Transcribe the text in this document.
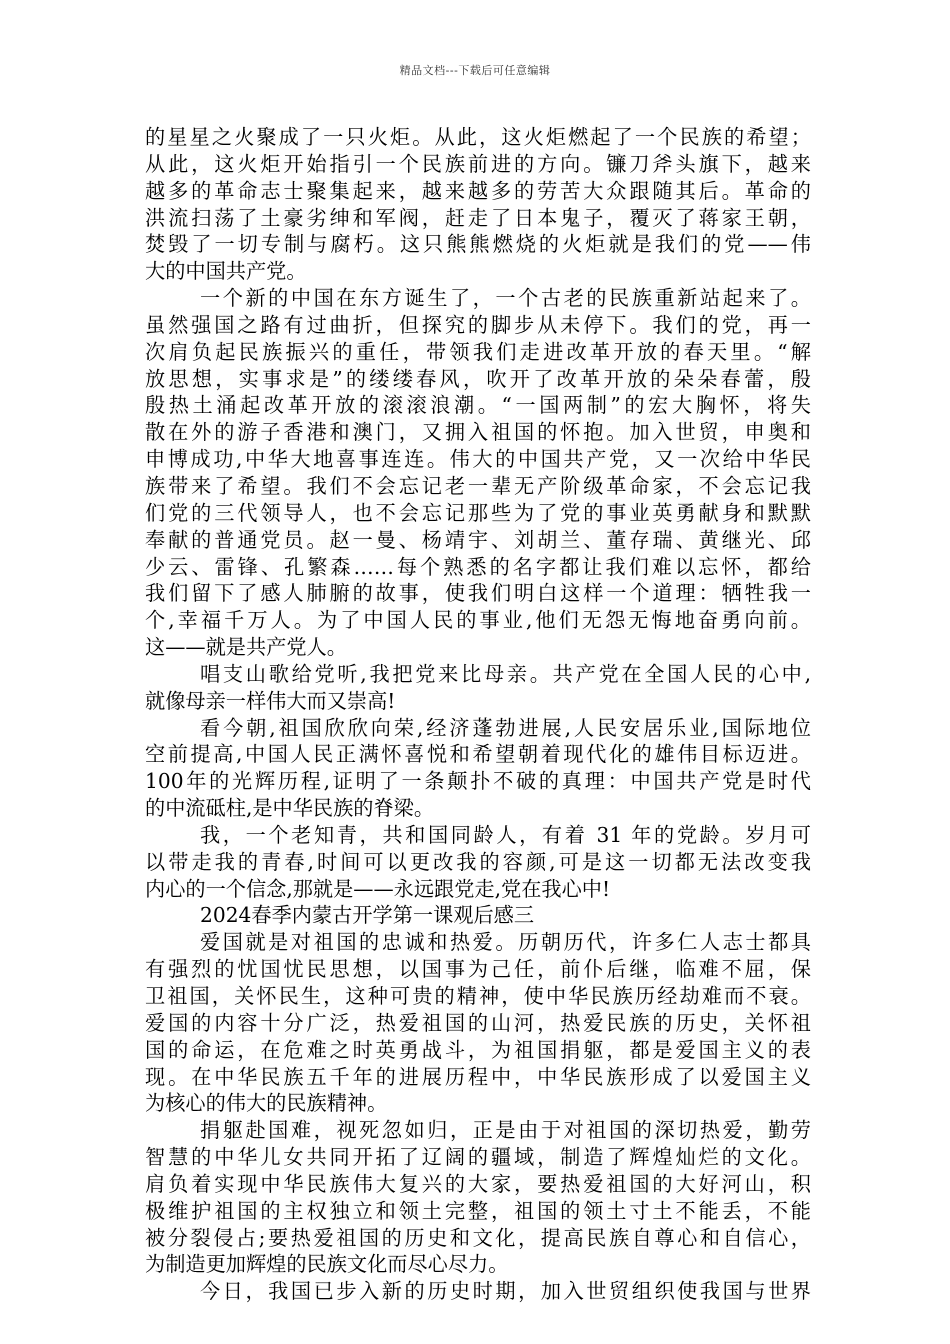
精品文档---下载后可任意编辑
的星星之火聚成了一只火炬。从此，这火炬燃起了一个民族的希望；
从此，这火炬开始指引一个民族前进的方向。镰刀斧头旗下，越来
越多的革命志士聚集起来，越来越多的劳苦大众跟随其后。革命的
洪流扫荡了土豪劣绅和军阀，赶走了日本鬼子，覆灭了蒋家王朝，
焚毁了一切专制与腐朽。这只熊熊燃烧的火炬就是我们的党——伟
大的中国共产党。
一个新的中国在东方诞生了，一个古老的民族重新站起来了。
虽然强国之路有过曲折，但探究的脚步从未停下。我们的党，再一
次肩负起民族振兴的重任，带领我们走进改革开放的春天里。“解
放思想，实事求是”的缕缕春风，吹开了改革开放的朵朵春蕾，殷
殷热土涌起改革开放的滚滚浪潮。“一国两制”的宏大胸怀，将失
散在外的游子香港和澳门，又拥入祖国的怀抱。加入世贸，申奥和
申博成功,中华大地喜事连连。伟大的中国共产党，又一次给中华民
族带来了希望。我们不会忘记老一辈无产阶级革命家，不会忘记我
们党的三代领导人，也不会忘记那些为了党的事业英勇献身和默默
奉献的普通党员。赵一曼、杨靖宇、刘胡兰、董存瑞、黄继光、邱
少云、雷锋、孔繁森……每个熟悉的名字都让我们难以忘怀，都给
我们留下了感人肺腑的故事，使我们明白这样一个道理：牺牲我一
个,幸福千万人。为了中国人民的事业,他们无怨无悔地奋勇向前。
这——就是共产党人。
唱支山歌给党听,我把党来比母亲。共产党在全国人民的心中,
就像母亲一样伟大而又崇高!
看今朝,祖国欣欣向荣,经济蓬勃进展,人民安居乐业,国际地位
空前提高,中国人民正满怀喜悦和希望朝着现代化的雄伟目标迈进。
100年的光辉历程,证明了一条颠扑不破的真理：中国共产党是时代
的中流砥柱,是中华民族的脊梁。
我，一个老知青，共和国同龄人，有着 31 年的党龄。岁月可
以带走我的青春,时间可以更改我的容颜,可是这一切都无法改变我
内心的一个信念,那就是——永远跟党走,党在我心中!
2024春季内蒙古开学第一课观后感三
爱国就是对祖国的忠诚和热爱。历朝历代，许多仁人志士都具
有强烈的忧国忧民思想，以国事为己任，前仆后继，临难不屈，保
卫祖国，关怀民生，这种可贵的精神，使中华民族历经劫难而不衰。
爱国的内容十分广泛，热爱祖国的山河，热爱民族的历史，关怀祖
国的命运，在危难之时英勇战斗，为祖国捐躯，都是爱国主义的表
现。在中华民族五千年的进展历程中，中华民族形成了以爱国主义
为核心的伟大的民族精神。
捐躯赴国难，视死忽如归，正是由于对祖国的深切热爱，勤劳
智慧的中华儿女共同开拓了辽阔的疆域，制造了辉煌灿烂的文化。
肩负着实现中华民族伟大复兴的大家，要热爱祖国的大好河山，积
极维护祖国的主权独立和领土完整，祖国的领土寸土不能丢，不能
被分裂侵占;要热爱祖国的历史和文化，提高民族自尊心和自信心，
为制造更加辉煌的民族文化而尽心尽力。
今日，我国已步入新的历史时期，加入世贸组织使我国与世界
